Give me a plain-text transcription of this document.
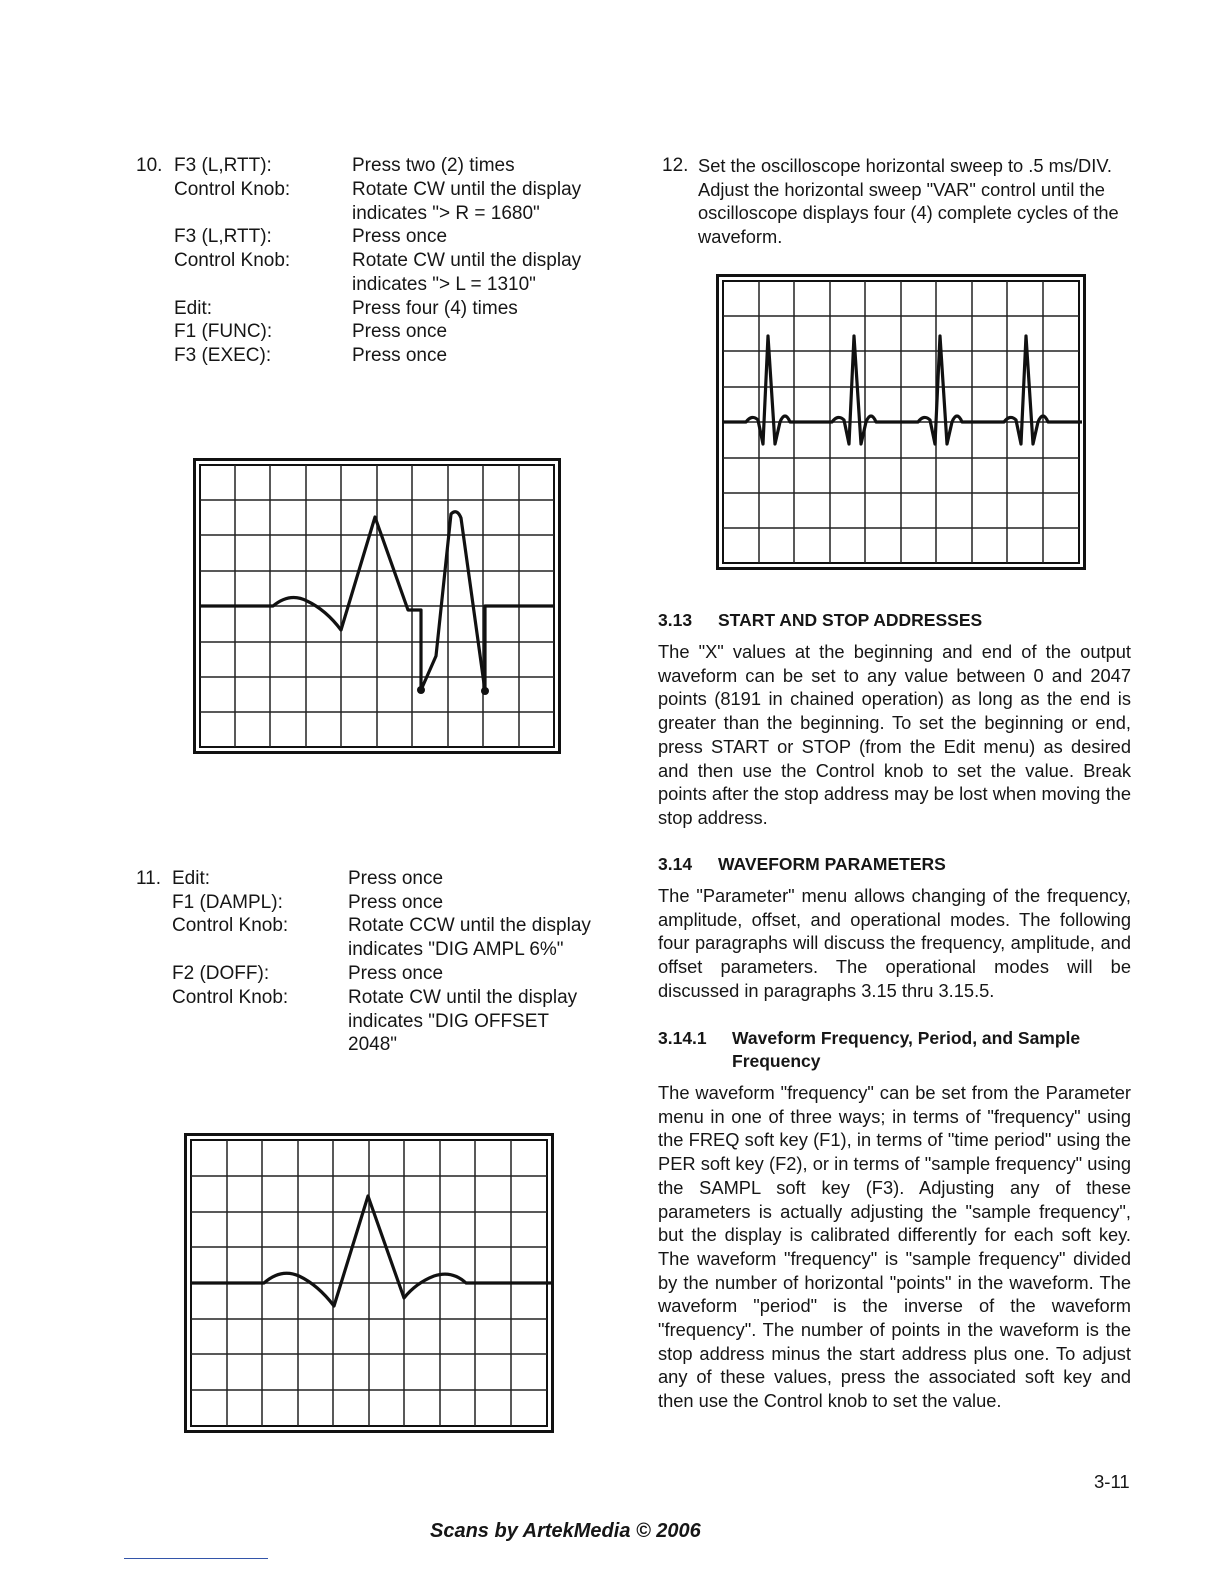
10. F3 (L,RTT):	Press two (2) times
Control Knob:	Rotate CW until the display indicates "> R = 1680"
F3 (L,RTT):	Press once
Control Knob:	Rotate CW until the display indicates "> L = 1310"
Edit:	Press four (4) times
F1 (FUNC):	Press once
F3 (EXEC):	Press once
11. Edit:	Press once
F1 (DAMPL):	Press once
Control Knob:	Rotate CCW until the display indicates "DIG AMPL 6%"
F2 (DOFF):	Press once
Control Knob:	Rotate CW until the display indicates "DIG OFFSET 2048"
12. Set the oscilloscope horizontal sweep to .5 ms/DIV. Adjust the horizontal sweep "VAR" control until the oscilloscope displays four (4) complete cycles of the waveform.
3.13 START AND STOP ADDRESSES
The "X" values at the beginning and end of the output waveform can be set to any value between 0 and 2047 points (8191 in chained operation) as long as the end is greater than the beginning. To set the beginning or end, press START or STOP (from the Edit menu) as desired and then use the Control knob to set the value. Break points after the stop address may be lost when moving the stop address.
3.14 WAVEFORM PARAMETERS
The "Parameter" menu allows changing of the frequency, amplitude, offset, and operational modes. The following four paragraphs will discuss the frequency, amplitude, and offset parameters. The operational modes will be discussed in paragraphs 3.15 thru 3.15.5.
3.14.1	Waveform Frequency, Period, and Sample Frequency
The waveform "frequency" can be set from the Parameter menu in one of three ways; in terms of "frequency" using the FREQ soft key (F1), in terms of "time period" using the PER soft key (F2), or in terms of "sample frequency" using the SAMPL soft key (F3). Adjusting any of these parameters is actually adjusting the "sample frequency", but the display is calibrated differently for each soft key. The waveform "frequency" is "sample frequency" divided by the number of horizontal "points" in the waveform. The waveform "period" is the inverse of the waveform "frequency". The number of points in the waveform is the stop address minus the start address plus one. To adjust any of these values, press the associated soft key and then use the Control knob to set the value.
3-11
Scans by ArtekMedia © 2006
